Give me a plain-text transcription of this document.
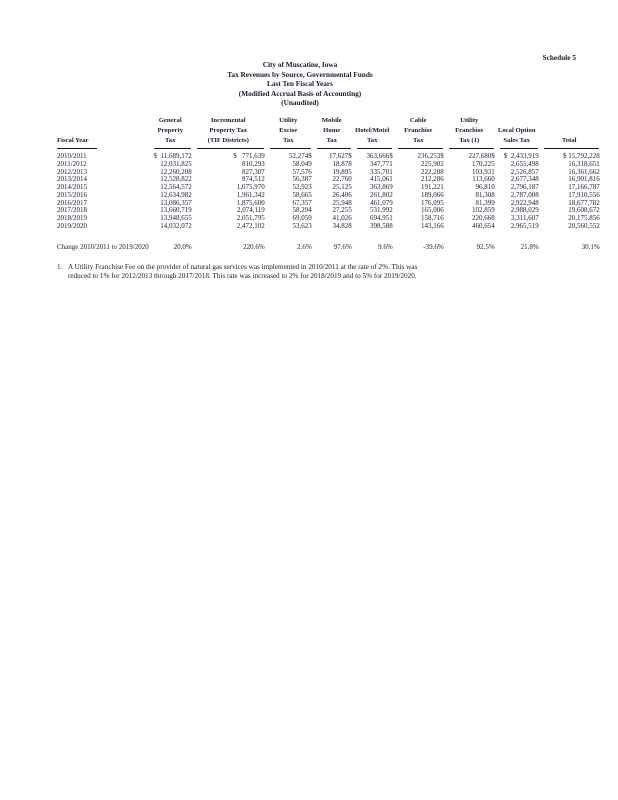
Schedule 5
City of Muscatine, Iowa
Tax Revenues by Source, Governmental Funds
Last Ten Fiscal Years
(Modified Accrual Basis of Accounting)
(Unaudited)
Fiscal Year

General
Property
Tax

Incremental
Property Tax
(TIF Districts)

Utility
Excise
Tax

Mobile
Home
Tax

Hotel/Motel
Tax

Cable
Franchise
Tax

Utility
Franchise
Tax (1)

Local Option
Sales Tax	Total

2010/2011	$  11,689,172	$   771,639	52,274$	17,627$	363,666$	236,253$	227,680$	$  2,433,919	$ 15,792,228
2011/2012	12,031,825	810,293	58,049	18,878	347,771	225,902	170,225	2,655,498	16,318,651
2012/2013	12,260,208	827,307	57,576	19,895	335,701	222,288	103,931	2,526,857	16,361,662
2013/2014	12,528,822	874,512	56,387	22,760	415,061	212,286	113,660	2,677,348	16,901,816
2014/2015	12,564,572	1,075,970	52,923	25,125	363,869	191,221	96,810	2,796,187	17,166,787
2015/2016	12,634,982	1,961,342	58,665	26,406	261,802	189,066	81,308	2,787,008	17,910,556
2016/2017	13,086,357	1,875,600	67,357	25,948	461,079	176,095	81,399	2,922,948	18,677,782
2017/2018	13,660,719	2,074,119	58,294	27,255	531,992	165,006	102,859	2,988,029	19,608,672
2018/2019	13,948,655	2,051,795	69,050	41,026	694,951	158,716	220,668	3,311,607	20,175,856
2019/2020	14,032,072	2,472,102	53,623	34,828	398,588	143,166	460,654	2,965,519	20,560,552

Change 2010/2011 to 2019/2020	20.0%	220.6%	2.6%	97.6%	9.6%	-39.6%	92.5%	21.8%	30.1%
1. A Utility Franchise Fee on the provider of natural gas services was implemented in 2010/2011 at the rate of 2%. This was
reduced to 1% for 2012/2013 through 2017/2018. This rate was increased to 2% for 2018/2019 and to 5% for 2019/2020.
